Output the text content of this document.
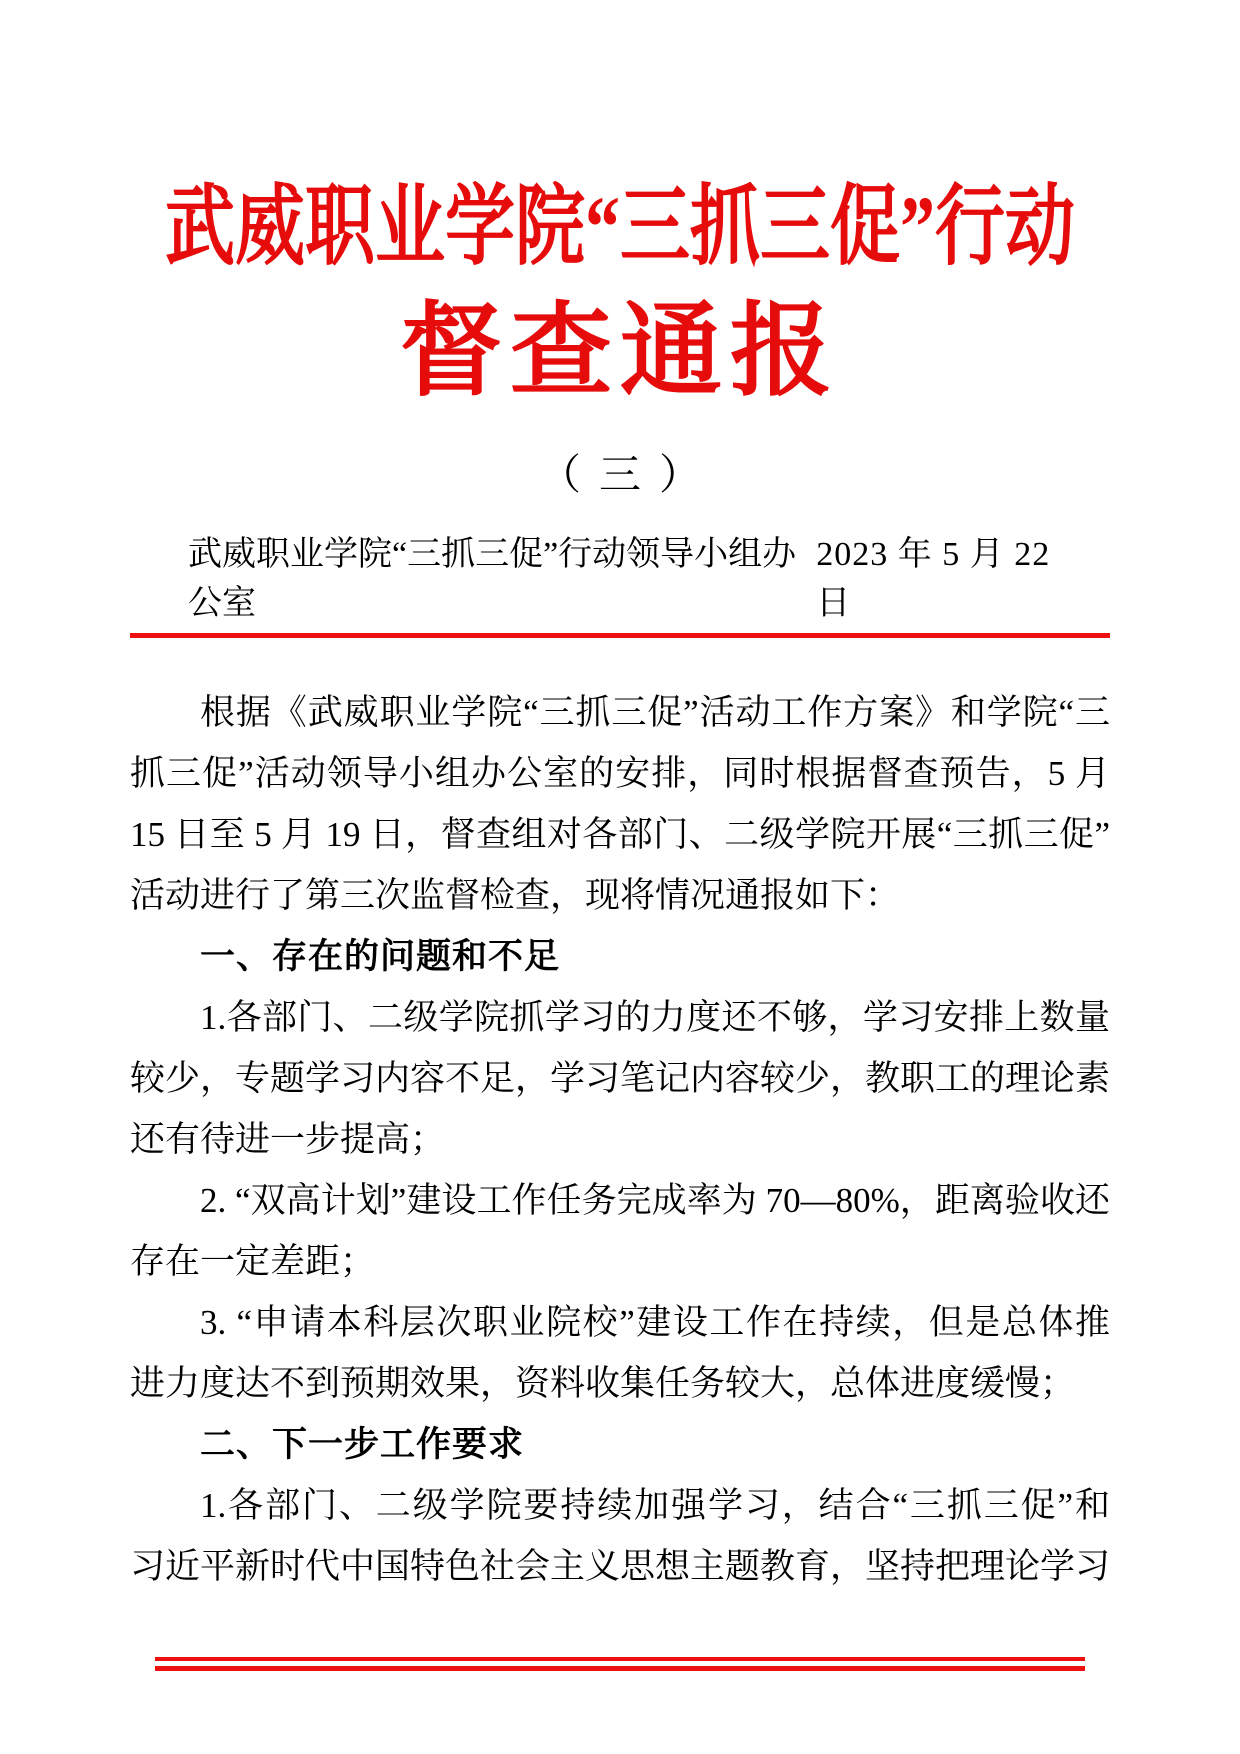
武威职业学院“三抓三促”行动
督查通报
（三）
武威职业学院“三抓三促”行动领导小组办公室
2023 年 5 月 22 日
根据《武威职业学院“三抓三促”活动工作方案》和学院“三
抓三促”活动领导小组办公室的安排，同时根据督查预告，5 月
15 日至 5 月 19 日，督查组对各部门、二级学院开展“三抓三促”
活动进行了第三次监督检查，现将情况通报如下：
一、存在的问题和不足
1.各部门、二级学院抓学习的力度还不够，学习安排上数量
较少，专题学习内容不足，学习笔记内容较少，教职工的理论素
还有待进一步提高；
2. “双高计划”建设工作任务完成率为 70—80%，距离验收还
存在一定差距；
3. “申请本科层次职业院校”建设工作在持续，但是总体推
进力度达不到预期效果，资料收集任务较大，总体进度缓慢；
二、下一步工作要求
1.各部门、二级学院要持续加强学习，结合“三抓三促”和
习近平新时代中国特色社会主义思想主题教育，坚持把理论学习
